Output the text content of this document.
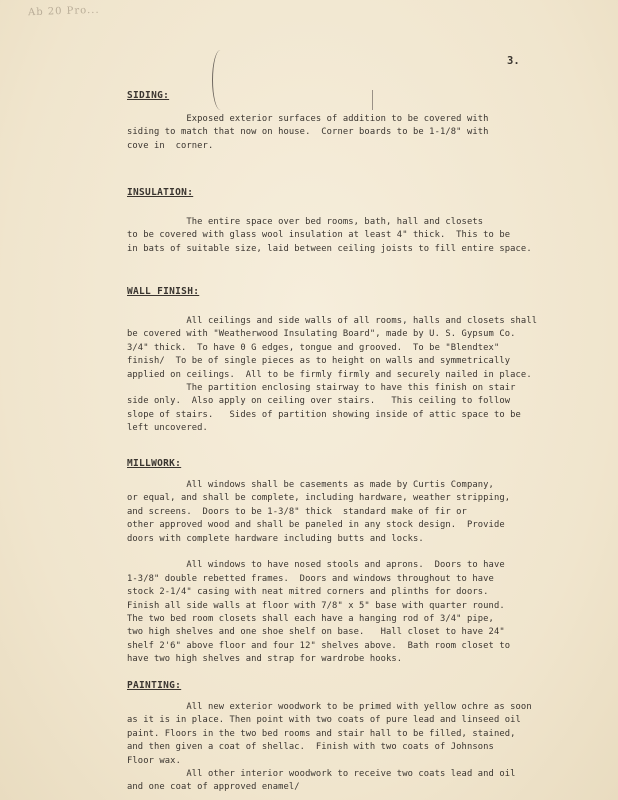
Ab 20 Pro...
3.
SIDING:
Exposed exterior surfaces of addition to be covered with
siding to match that now on house.  Corner boards to be 1-1/8" with
cove in  corner.
INSULATION:
The entire space over bed rooms, bath, hall and closets
to be covered with glass wool insulation at least 4" thick.  This to be
in bats of suitable size, laid between ceiling joists to fill entire space.
WALL FINISH:
All ceilings and side walls of all rooms, halls and closets shall
be covered with "Weatherwood Insulating Board", made by U. S. Gypsum Co.
3/4" thick.  To have 0 G edges, tongue and grooved.  To be "Blendtex"
finish/  To be of single pieces as to height on walls and symmetrically
applied on ceilings.  All to be firmly firmly and securely nailed in place.
The partition enclosing stairway to have this finish on stair
side only.  Also apply on ceiling over stairs.   This ceiling to follow
slope of stairs.   Sides of partition showing inside of attic space to be
left uncovered.
MILLWORK:
All windows shall be casements as made by Curtis Company,
or equal, and shall be complete, including hardware, weather stripping,
and screens.  Doors to be 1-3/8" thick  standard make of fir or
other approved wood and shall be paneled in any stock design.  Provide
doors with complete hardware including butts and locks.

All windows to have nosed stools and aprons.  Doors to have
1-3/8" double rebetted frames.  Doors and windows throughout to have
stock 2-1/4" casing with neat mitred corners and plinths for doors.
Finish all side walls at floor with 7/8" x 5" base with quarter round.
The two bed room closets shall each have a hanging rod of 3/4" pipe,
two high shelves and one shoe shelf on base.   Hall closet to have 24"
shelf 2'6" above floor and four 12" shelves above.  Bath room closet to
have two high shelves and strap for wardrobe hooks.
PAINTING:
All new exterior woodwork to be primed with yellow ochre as soon
as it is in place. Then point with two coats of pure lead and linseed oil
paint. Floors in the two bed rooms and stair hall to be filled, stained,
and then given a coat of shellac.  Finish with two coats of Johnsons
Floor wax.
All other interior woodwork to receive two coats lead and oil
and one coat of approved enamel/
